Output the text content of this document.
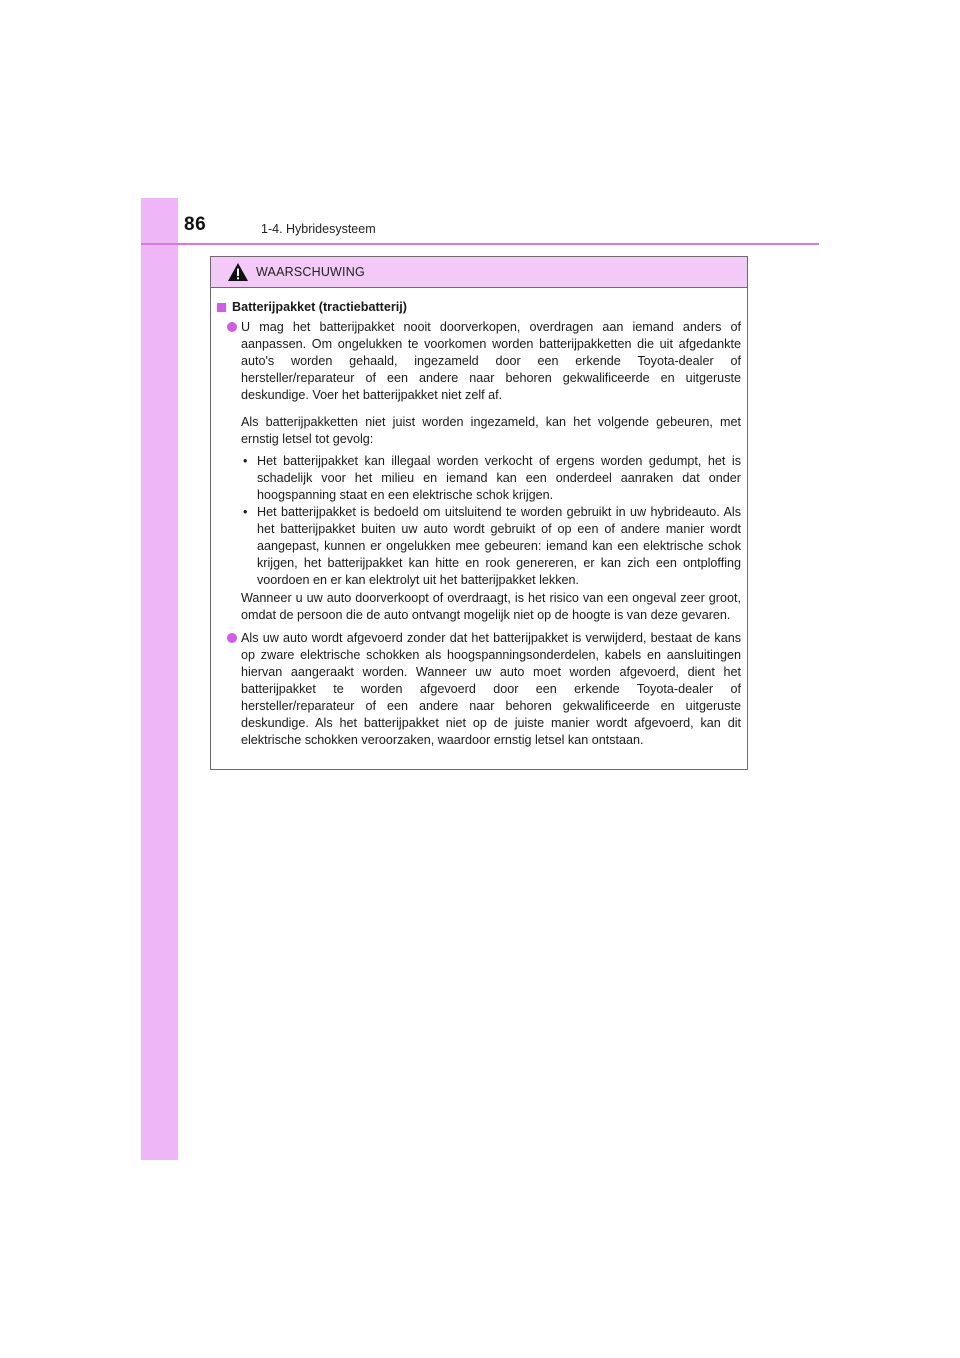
86	1-4. Hybridesysteem
WAARSCHUWING
Batterijpakket (tractiebatterij)
U mag het batterijpakket nooit doorverkopen, overdragen aan iemand anders of aanpassen. Om ongelukken te voorkomen worden batterijpakketten die uit afgedankte auto's worden gehaald, ingezameld door een erkende Toyota-dealer of hersteller/reparateur of een andere naar behoren gekwalificeerde en uitgeruste deskundige. Voer het batterijpakket niet zelf af.
Als batterijpakketten niet juist worden ingezameld, kan het volgende gebeuren, met ernstig letsel tot gevolg:
• Het batterijpakket kan illegaal worden verkocht of ergens worden gedumpt, het is schadelijk voor het milieu en iemand kan een onderdeel aanraken dat onder hoogspanning staat en een elektrische schok krijgen.
• Het batterijpakket is bedoeld om uitsluitend te worden gebruikt in uw hybrideauto. Als het batterijpakket buiten uw auto wordt gebruikt of op een of andere manier wordt aangepast, kunnen er ongelukken mee gebeuren: iemand kan een elektrische schok krijgen, het batterijpakket kan hitte en rook genereren, er kan zich een ontploffing voordoen en er kan elektrolyt uit het batterijpakket lekken.
Wanneer u uw auto doorverkoopt of overdraagt, is het risico van een ongeval zeer groot, omdat de persoon die de auto ontvangt mogelijk niet op de hoogte is van deze gevaren.
Als uw auto wordt afgevoerd zonder dat het batterijpakket is verwijderd, bestaat de kans op zware elektrische schokken als hoogspanningsonderdelen, kabels en aansluitingen hiervan aangeraakt worden. Wanneer uw auto moet worden afgevoerd, dient het batterijpakket te worden afgevoerd door een erkende Toyota-dealer of hersteller/reparateur of een andere naar behoren gekwalificeerde en uitgeruste deskundige. Als het batterijpakket niet op de juiste manier wordt afgevoerd, kan dit elektrische schokken veroorzaken, waardoor ernstig letsel kan ontstaan.
